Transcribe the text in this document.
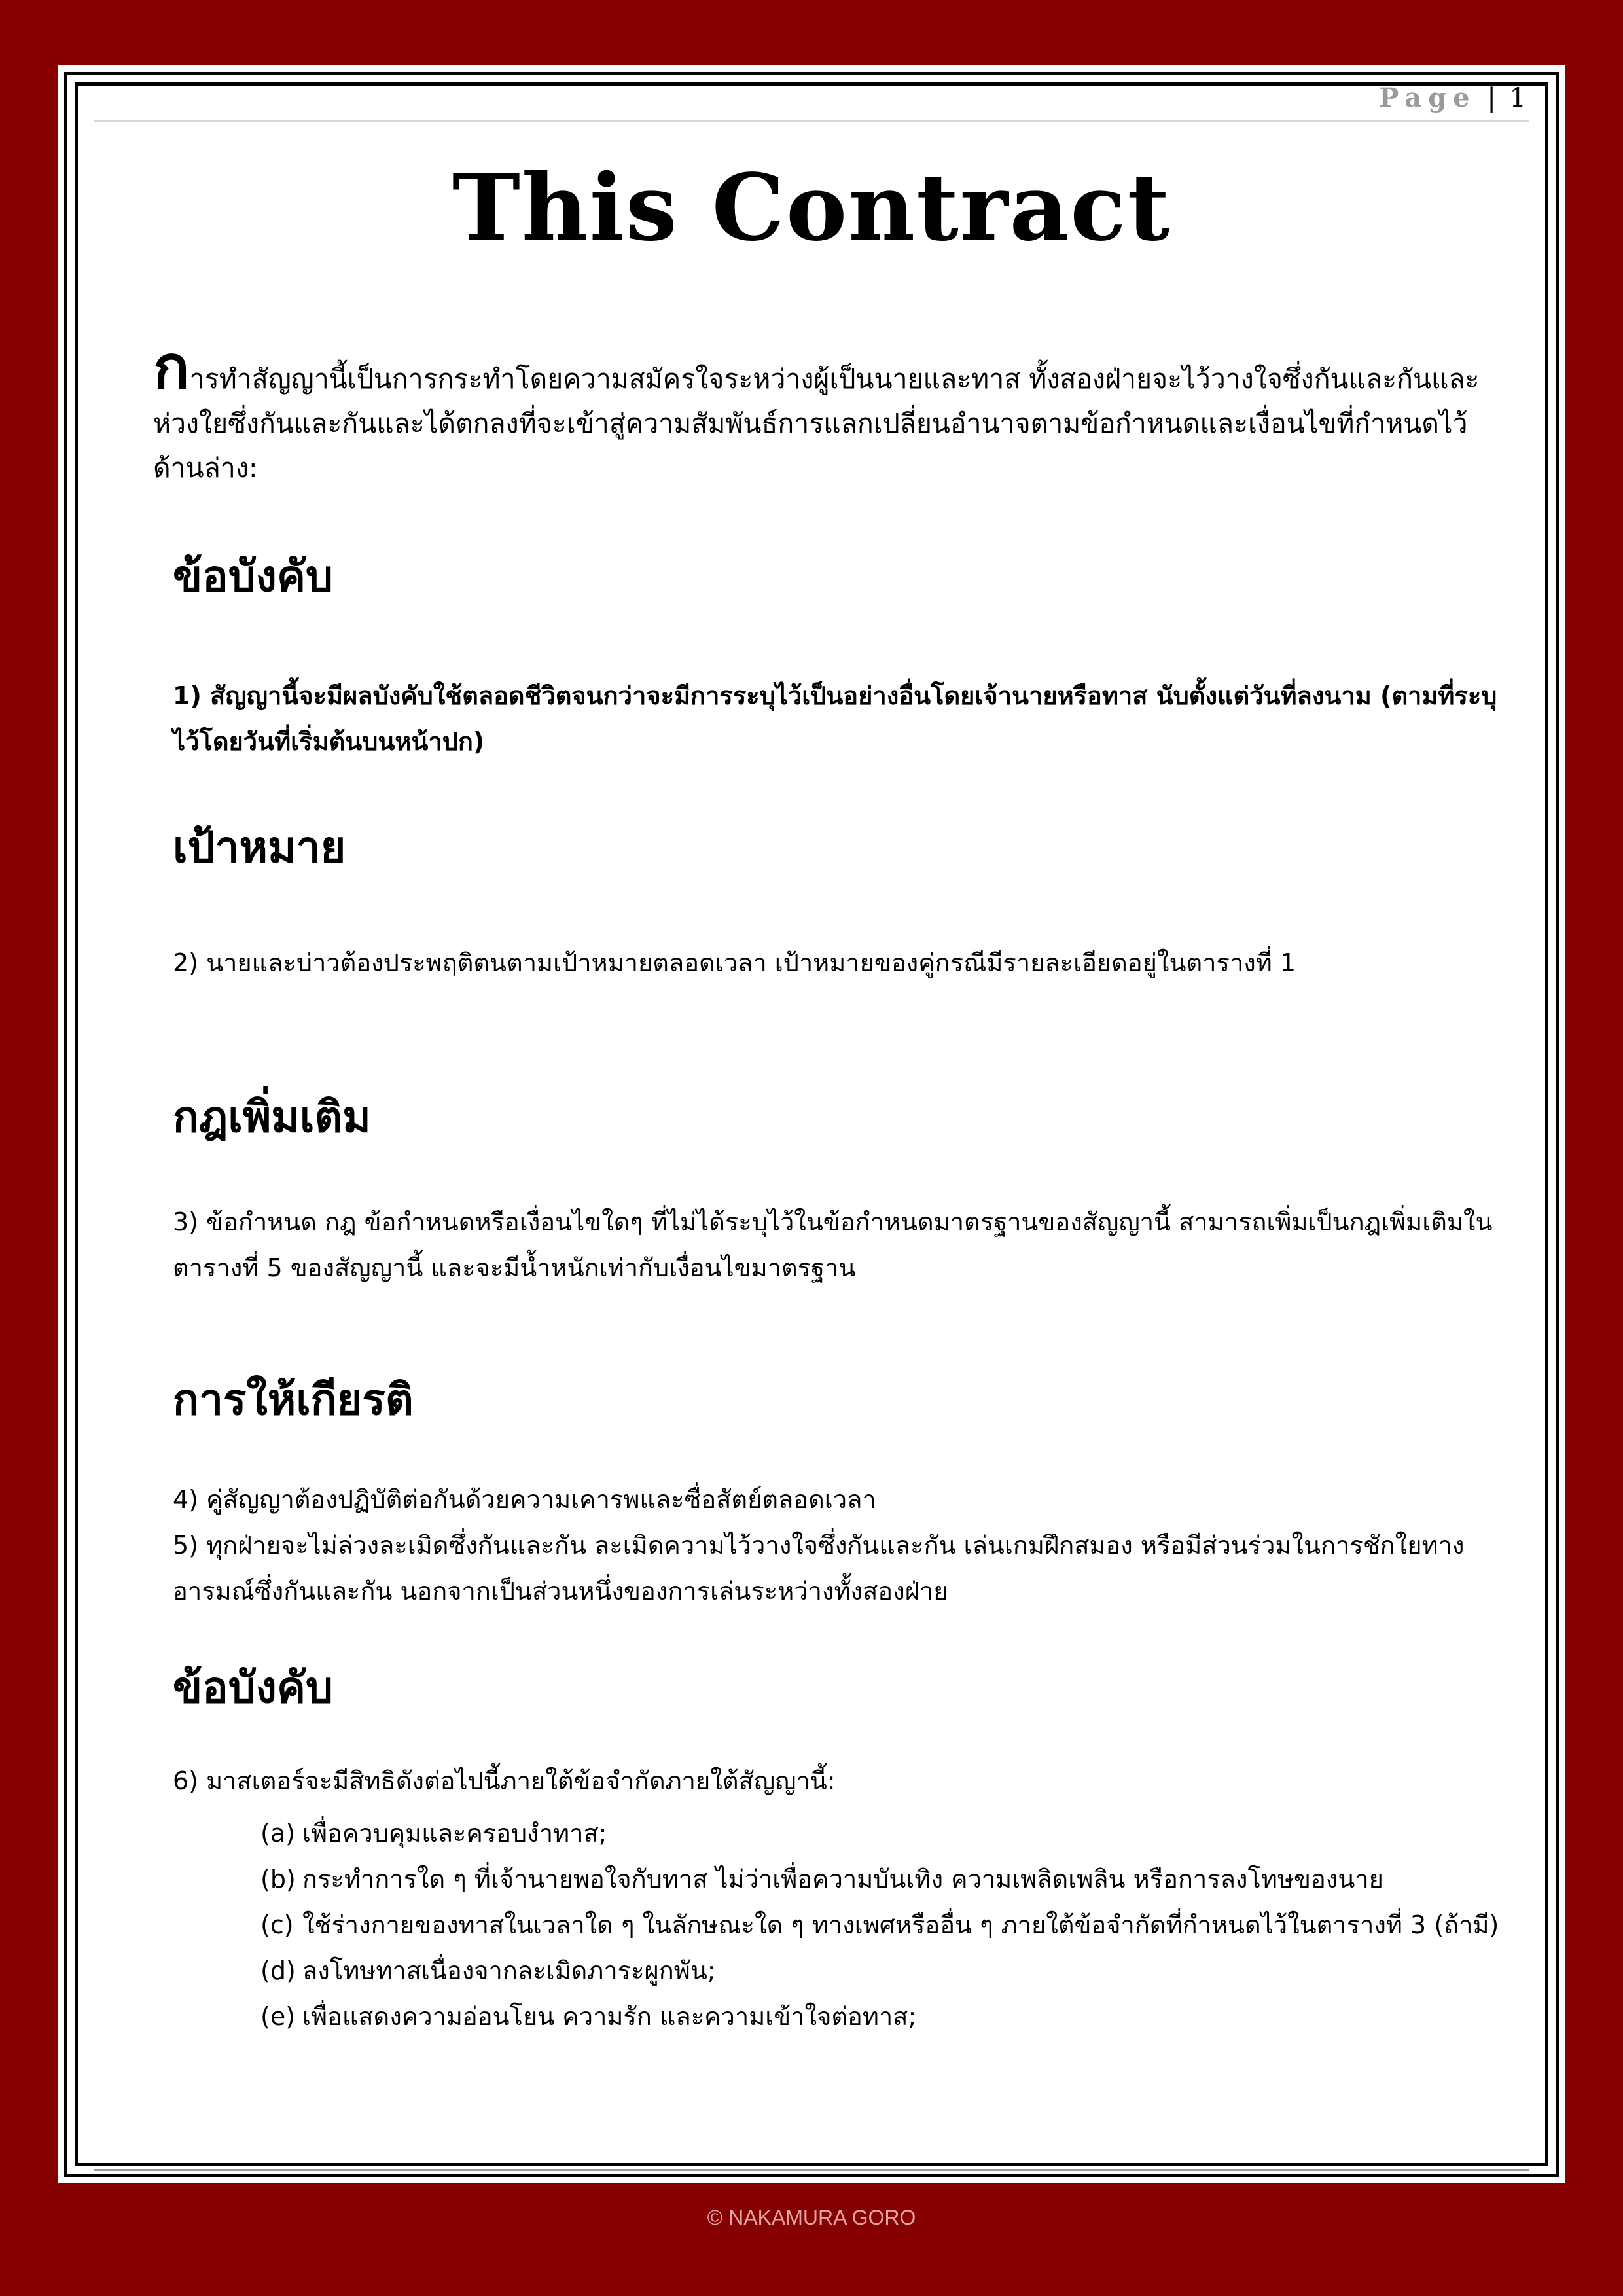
Page | 1
This Contract
การทำสัญญานี้เป็นการกระทำโดยความสมัครใจระหว่างผู้เป็นนายและทาส ทั้งสองฝ่ายจะไว้วางใจซึ่งกันและกันและห่วงใยซึ่งกันและกันและได้ตกลงที่จะเข้าสู่ความสัมพันธ์การแลกเปลี่ยนอำนาจตามข้อกำหนดและเงื่อนไขที่กำหนดไว้ด้านล่าง:
ข้อบังคับ
1) สัญญานี้จะมีผลบังคับใช้ตลอดชีวิตจนกว่าจะมีการระบุไว้เป็นอย่างอื่นโดยเจ้านายหรือทาส นับตั้งแต่วันที่ลงนาม (ตามที่ระบุไว้โดยวันที่เริ่มต้นบนหน้าปก)
เป้าหมาย
2) นายและบ่าวต้องประพฤติตนตามเป้าหมายตลอดเวลา เป้าหมายของคู่กรณีมีรายละเอียดอยู่ในตารางที่ 1
กฎเพิ่มเติม
3) ข้อกำหนด กฎ ข้อกำหนดหรือเงื่อนไขใดๆ ที่ไม่ได้ระบุไว้ในข้อกำหนดมาตรฐานของสัญญานี้ สามารถเพิ่มเป็นกฎเพิ่มเติมในตารางที่ 5 ของสัญญานี้ และจะมีน้ำหนักเท่ากับเงื่อนไขมาตรฐาน
การให้เกียรติ
4) คู่สัญญาต้องปฏิบัติต่อกันด้วยความเคารพและซื่อสัตย์ตลอดเวลา
5) ทุกฝ่ายจะไม่ล่วงละเมิดซึ่งกันและกัน ละเมิดความไว้วางใจซึ่งกันและกัน เล่นเกมฝึกสมอง หรือมีส่วนร่วมในการชักใยทางอารมณ์ซึ่งกันและกัน นอกจากเป็นส่วนหนึ่งของการเล่นระหว่างทั้งสองฝ่าย
ข้อบังคับ
6) มาสเตอร์จะมีสิทธิดังต่อไปนี้ภายใต้ข้อจำกัดภายใต้สัญญานี้:
(a) เพื่อควบคุมและครอบงำทาส;
(b) กระทำการใด ๆ ที่เจ้านายพอใจกับทาส ไม่ว่าเพื่อความบันเทิง ความเพลิดเพลิน หรือการลงโทษของนาย
(c) ใช้ร่างกายของทาสในเวลาใด ๆ ในลักษณะใด ๆ ทางเพศหรืออื่น ๆ ภายใต้ข้อจำกัดที่กำหนดไว้ในตารางที่ 3 (ถ้ามี)
(d) ลงโทษทาสเนื่องจากละเมิดภาระผูกพัน;
(e) เพื่อแสดงความอ่อนโยน ความรัก และความเข้าใจต่อทาส;
© NAKAMURA GORO
